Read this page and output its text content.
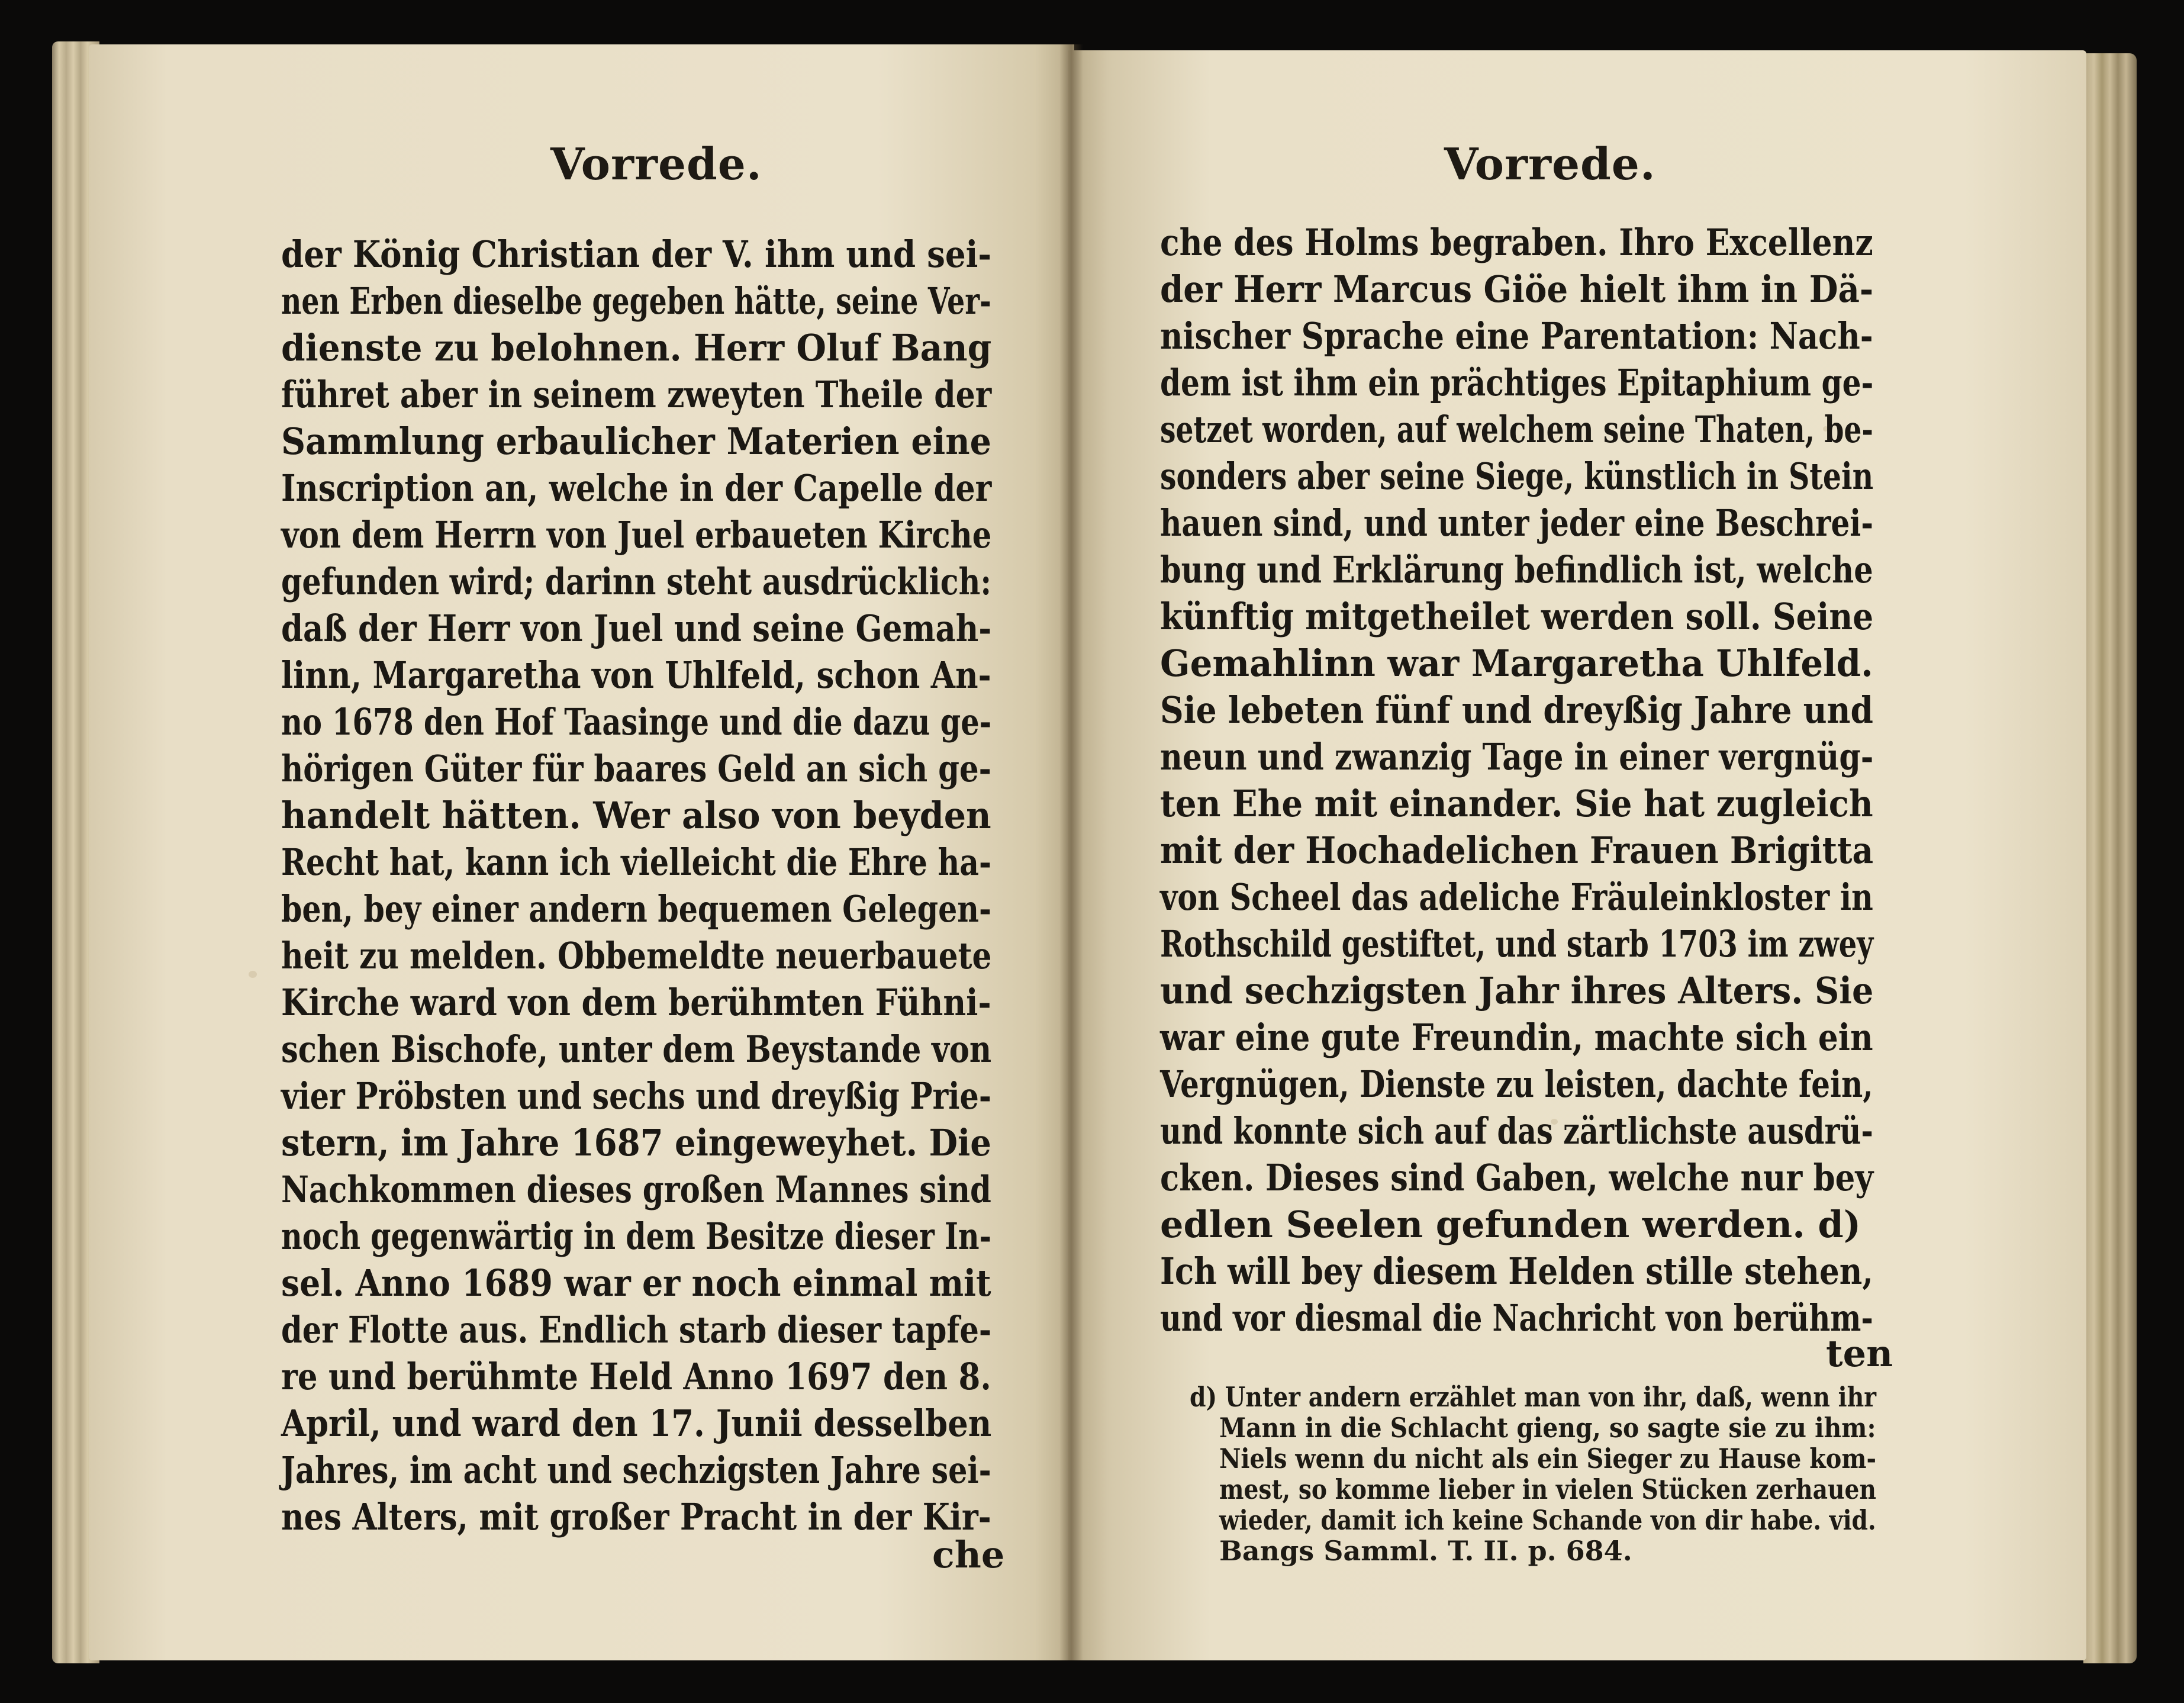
Vorrede.	Vorrede.
der König Christian der V. ihm und sei-
nen Erben dieselbe gegeben hätte, seine Ver-
dienste zu belohnen. Herr Oluf Bang
führet aber in seinem zweyten Theile der
Sammlung erbaulicher Materien eine
Inscription an, welche in der Capelle der
von dem Herrn von Juel erbaueten Kirche
gefunden wird; darinn steht ausdrücklich:
daß der Herr von Juel und seine Gemah-
linn, Margaretha von Uhlfeld, schon An-
no 1678 den Hof Taasinge und die dazu ge-
hörigen Güter für baares Geld an sich ge-
handelt hätten. Wer also von beyden
Recht hat, kann ich vielleicht die Ehre ha-
ben, bey einer andern bequemen Gelegen-
heit zu melden. Obbemeldte neuerbauete
Kirche ward von dem berühmten Fühni-
schen Bischofe, unter dem Beystande von
vier Pröbsten und sechs und dreyßig Prie-
stern, im Jahre 1687 eingeweyhet. Die
Nachkommen dieses großen Mannes sind
noch gegenwärtig in dem Besitze dieser In-
sel. Anno 1689 war er noch einmal mit
der Flotte aus. Endlich starb dieser tapfe-
re und berühmte Held Anno 1697 den 8.
April, und ward den 17. Junii desselben
Jahres, im acht und sechzigsten Jahre sei-
nes Alters, mit großer Pracht in der Kir-
che des Holms begraben. Ihro Excellenz
der Herr Marcus Giöe hielt ihm in Dä-
nischer Sprache eine Parentation: Nach-
dem ist ihm ein prächtiges Epitaphium ge-
setzet worden, auf welchem seine Thaten, be-
sonders aber seine Siege, künstlich in Stein
hauen sind, und unter jeder eine Beschrei-
bung und Erklärung befindlich ist, welche
künftig mitgetheilet werden soll. Seine
Gemahlinn war Margaretha Uhlfeld.
Sie lebeten fünf und dreyßig Jahre und
neun und zwanzig Tage in einer vergnüg-
ten Ehe mit einander. Sie hat zugleich
mit der Hochadelichen Frauen Brigitta
von Scheel das adeliche Fräuleinkloster in
Rothschild gestiftet, und starb 1703 im zwey
und sechzigsten Jahr ihres Alters. Sie
war eine gute Freundin, machte sich ein
Vergnügen, Dienste zu leisten, dachte fein,
und konnte sich auf das zärtlichste ausdrü-
cken. Dieses sind Gaben, welche nur bey
edlen Seelen gefunden werden. d)
Ich will bey diesem Helden stille stehen,
und vor diesmal die Nachricht von berühm-
che
ten
d) Unter andern erzählet man von ihr, daß, wenn ihr
Mann in die Schlacht gieng, so sagte sie zu ihm:
Niels wenn du nicht als ein Sieger zu Hause kom-
mest, so komme lieber in vielen Stücken zerhauen
wieder, damit ich keine Schande von dir habe. vid.
Bangs Samml. T. II. p. 684.
